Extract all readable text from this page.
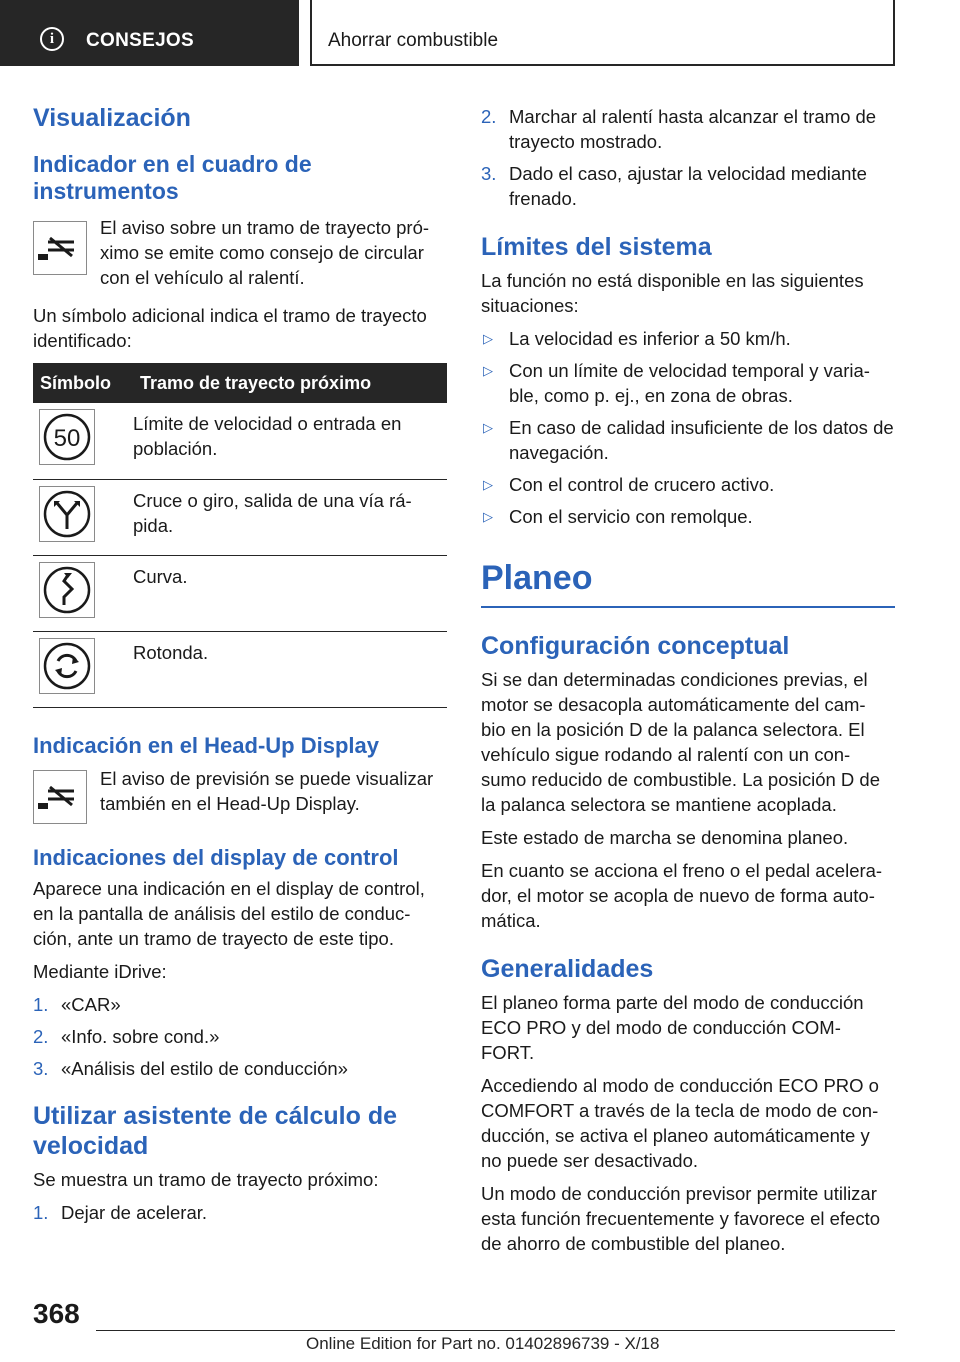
i	CONSEJOS	Ahorrar combustible
Visualización
Indicador en el cuadro de instrumentos
El aviso sobre un tramo de trayecto pró- ximo se emite como consejo de circular con el vehículo al ralentí.
Un símbolo adicional indica el tramo de trayecto identificado:
Símbolo	Tramo de trayecto próximo

50	Límite de velocidad o entrada en población.

	Cruce o giro, salida de una vía rá- pida.

	Curva.

	Rotonda.
Indicación en el Head-Up Display
El aviso de previsión se puede visualizar también en el Head-Up Display.
Indicaciones del display de control
Aparece una indicación en el display de control, en la pantalla de análisis del estilo de conduc- ción, ante un tramo de trayecto de este tipo.
Mediante iDrive:
1. «CAR»
2. «Info. sobre cond.»
3. «Análisis del estilo de conducción»
Utilizar asistente de cálculo de velocidad
Se muestra un tramo de trayecto próximo:
1. Dejar de acelerar.
2. Marchar al ralentí hasta alcanzar el tramo de trayecto mostrado.
3. Dado el caso, ajustar la velocidad mediante frenado.
Límites del sistema
La función no está disponible en las siguientes situaciones:
▷ La velocidad es inferior a 50 km/h.
▷ Con un límite de velocidad temporal y varia- ble, como p. ej., en zona de obras.
▷ En caso de calidad insuficiente de los datos de navegación.
▷ Con el control de crucero activo.
▷ Con el servicio con remolque.
Planeo
Configuración conceptual
Si se dan determinadas condiciones previas, el motor se desacopla automáticamente del cam- bio en la posición D de la palanca selectora. El vehículo sigue rodando al ralentí con un con- sumo reducido de combustible. La posición D de la palanca selectora se mantiene acoplada.
Este estado de marcha se denomina planeo.
En cuanto se acciona el freno o el pedal acelera- dor, el motor se acopla de nuevo de forma auto- mática.
Generalidades
El planeo forma parte del modo de conducción ECO PRO y del modo de conducción COM- FORT.
Accediendo al modo de conducción ECO PRO o COMFORT a través de la tecla de modo de con- ducción, se activa el planeo automáticamente y no puede ser desactivado.
Un modo de conducción previsor permite utilizar esta función frecuentemente y favorece el efecto de ahorro de combustible del planeo.
368
Online Edition for Part no. 01402896739 - X/18
